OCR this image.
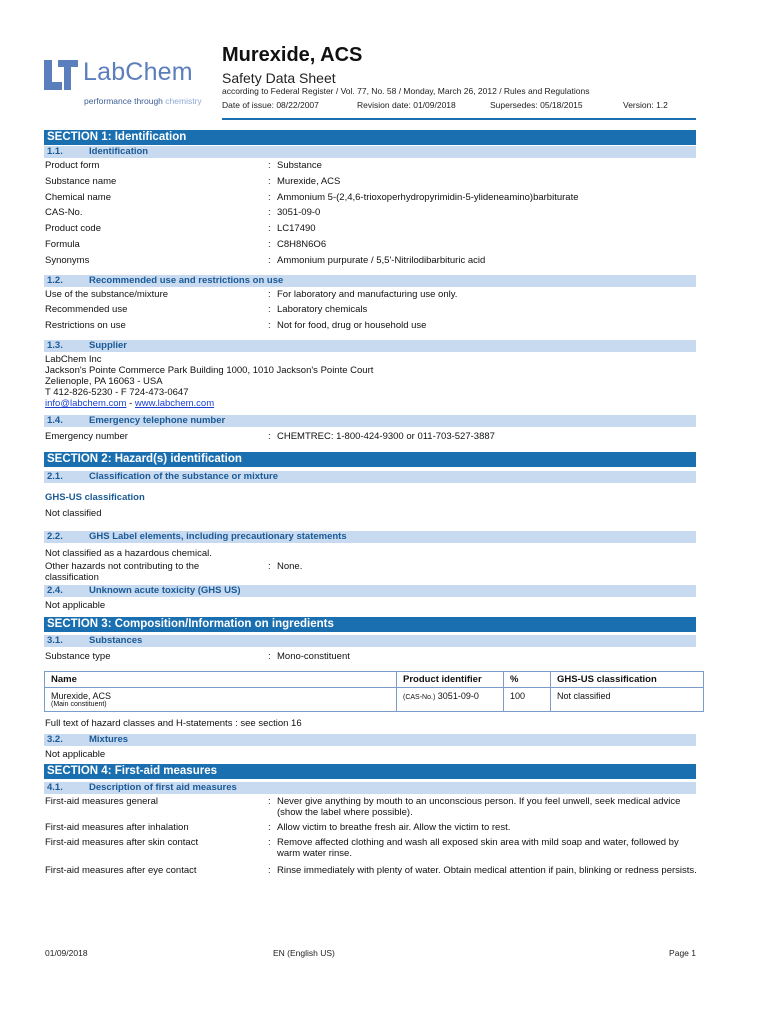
LabChem
performance through chemistry
Murexide, ACS
Safety Data Sheet
according to Federal Register / Vol. 77, No. 58 / Monday, March 26, 2012 / Rules and Regulations
Date of issue: 08/22/2007	Revision date: 01/09/2018	Supersedes: 05/18/2015	Version: 1.2
SECTION 1: Identification
1.1.	Identification
Product form	: Substance
Substance name	: Murexide, ACS
Chemical name	: Ammonium 5-(2,4,6-trioxoperhydropyrimidin-5-ylideneamino)barbiturate
CAS-No.	: 3051-09-0
Product code	: LC17490
Formula	: C8H8N6O6
Synonyms	: Ammonium purpurate / 5,5'-Nitrilodibarbituric acid
1.2.	Recommended use and restrictions on use
Use of the substance/mixture	: For laboratory and manufacturing use only.
Recommended use	: Laboratory chemicals
Restrictions on use	: Not for food, drug or household use
1.3.	Supplier
LabChem Inc
Jackson's Pointe Commerce Park Building 1000, 1010 Jackson's Pointe Court
Zelienople, PA 16063 - USA
T 412-826-5230 - F 724-473-0647
info@labchem.com - www.labchem.com
1.4.	Emergency telephone number
Emergency number	: CHEMTREC: 1-800-424-9300 or 011-703-527-3887
SECTION 2: Hazard(s) identification
2.1.	Classification of the substance or mixture
GHS-US classification
Not classified
2.2.	GHS Label elements, including precautionary statements
Not classified as a hazardous chemical.
Other hazards not contributing to the classification
: None.
2.4.	Unknown acute toxicity (GHS US)
Not applicable
SECTION 3: Composition/Information on ingredients
3.1.	Substances
Substance type	: Mono-constituent
Name	Product identifier	%	GHS-US classification

Murexide, ACS
(Main constituent)	(CAS-No.) 3051-09-0	100	Not classified
Full text of hazard classes and H-statements : see section 16
3.2.	Mixtures
Not applicable
SECTION 4: First-aid measures
4.1.	Description of first aid measures
First-aid measures general	: Never give anything by mouth to an unconscious person. If you feel unwell, seek medical advice (show the label where possible).
First-aid measures after inhalation	: Allow victim to breathe fresh air. Allow the victim to rest.
First-aid measures after skin contact	: Remove affected clothing and wash all exposed skin area with mild soap and water, followed by warm water rinse.
First-aid measures after eye contact	: Rinse immediately with plenty of water. Obtain medical attention if pain, blinking or redness persists.
01/09/2018	EN (English US)	Page 1
